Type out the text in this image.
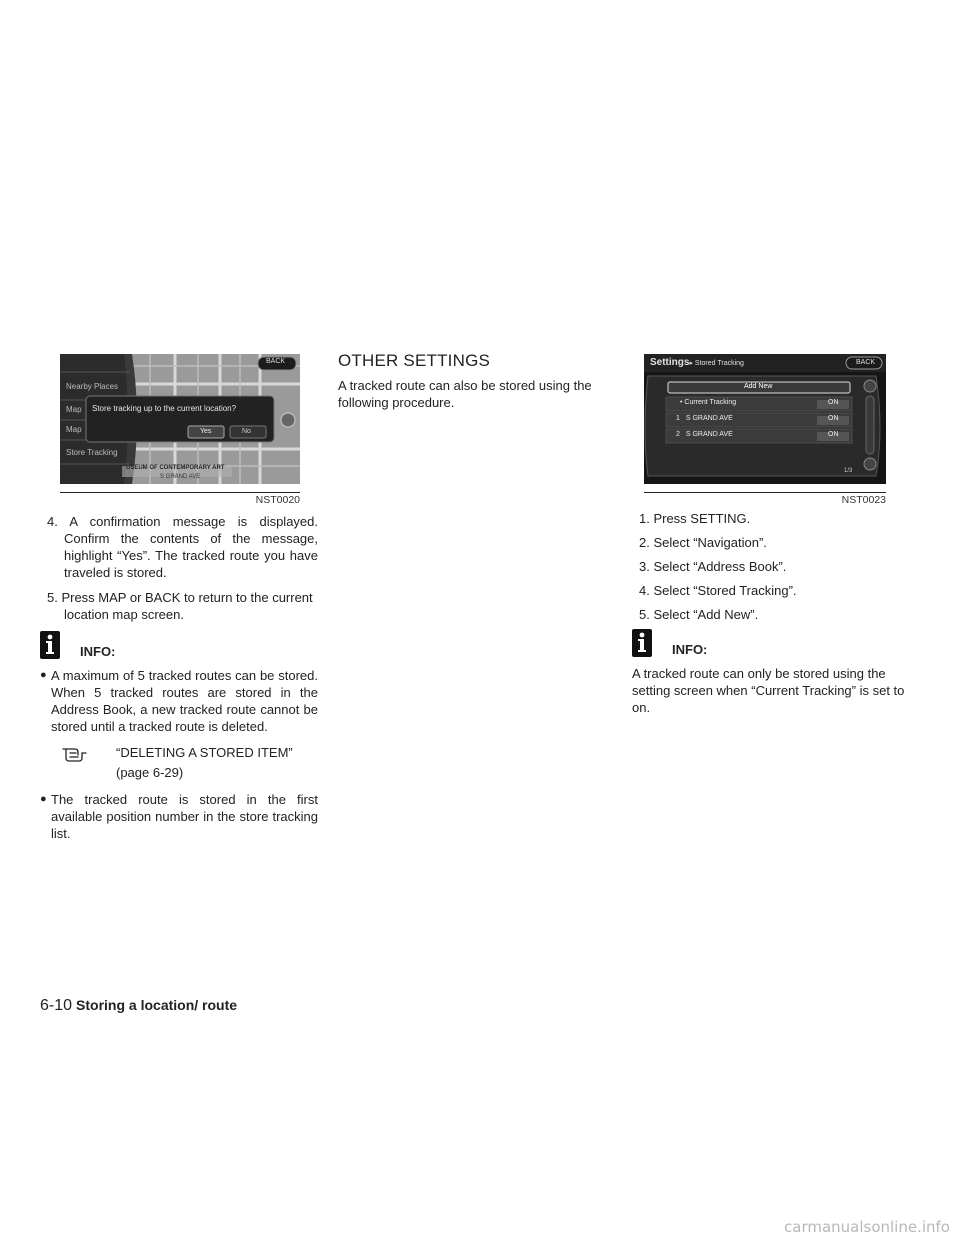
BACK
Nearby Places
Map
Map
Store Tracking
Store tracking up to the current location?
Yes	No
USEUM OF CONTEMPORARY ART
S GRAND AVE
NST0020
Settings▸ Stored Tracking	BACK
Add New
• Current Tracking	ON
1 S GRAND AVE	ON
2 S GRAND AVE	ON
1/3
NST0023

4. A confirmation message is displayed. Confirm the contents of the message, highlight “Yes”. The tracked route you have traveled is stored.

5. Press MAP or BACK to return to the current location map screen.

INFO:
● A maximum of 5 tracked routes can be stored. When 5 tracked routes are stored in the Address Book, a new tracked route cannot be stored until a tracked route is deleted.
“DELETING A STORED ITEM”
(page 6-29)
● The tracked route is stored in the first available position number in the store tracking list.
OTHER SETTINGS

A tracked route can also be stored using the following procedure.

1. Press SETTING.

2. Select “Navigation”.

3. Select “Address Book”.

4. Select “Stored Tracking”.

5. Select “Add New”.

INFO:

A tracked route can only be stored using the setting screen when “Current Tracking” is set to on.

6-10 Storing a location/ route
carmanualsonline.info
